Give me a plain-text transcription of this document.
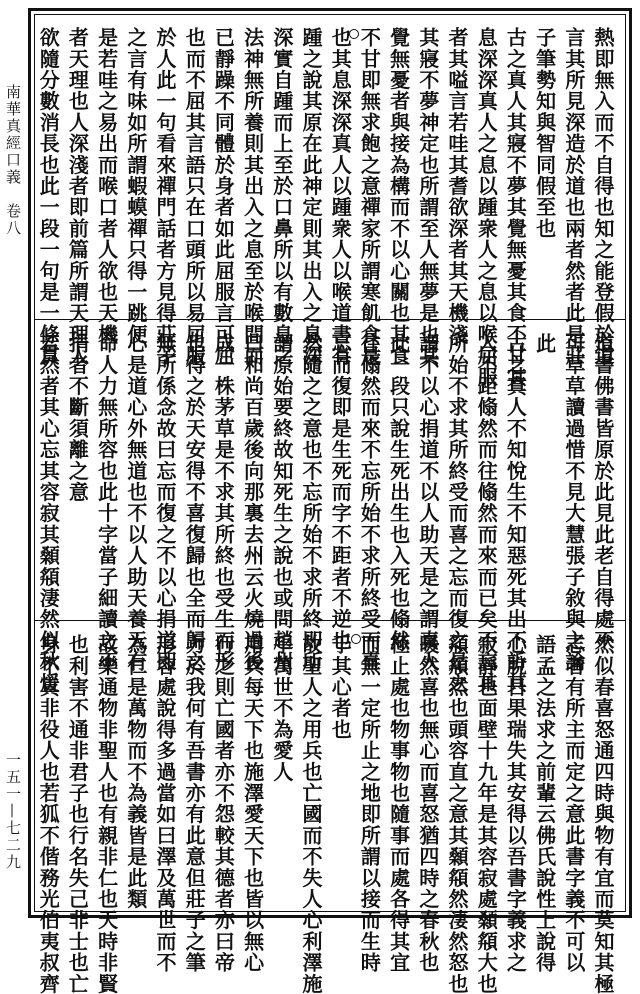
南華真經口義　卷八
一五一—七二九
熱即無入而不自得也知之能登假於道
言其所見深造於道也兩者然者此是莊
子筆勢知與智同假至也
古之真人其寢不夢其覺無憂其食不甘其
息深深真人之息以踵衆人之息以喉屈服
者其嗌言若哇其耆欲深者其天機淺
其寢不夢神定也所謂至人無夢是也其
覺無憂者與接為構而不以心關也其食
不甘即無求飽之意禪家所謂寒飢食是
也其息深深真人以踵衆人以喉道書有
踵之說其原在此神定則其出入之息深
深實自踵而上至於口鼻所以有數息之
法神無所養則其出入之息至於喉間而
已靜躁不同體於身者如此屈服言可屈
也而不屈其言語只在口頭所以易屈服
於人此一句看來禪門話者方見得莊子
之言有味如所謂蝦蟆禪只得一跳便
是若哇之易出而喉口者人欲也天機
者天理也人深淺者即前篇所謂天理人
欲隨分數消長也此一段一句是一條貫
道書佛書皆原於此見此老自得處不
可草草讀過惜不見大慧張子敘與之論
此
古之真人不知悅生不知惡死其出不訢其
入不距翛然而往翛然而來而已矣不忘其
所始不求其所終受而喜之忘而復之是之
謂不以心捐道不以人助天是之謂真人
此一段只說生死出生也入死也翛然
往翛然而來不忘所始不求所終受而喜
忘而復即是生死而字不距者不逆也
然隨之之意也不忘所始不求所終即所
謂原始要終故知死生之說也或問趙州
曰和尚百歲後向那裏去州云火燒過後
成一株茅草是不求其所終也受生而形
也得之於天安得不喜復歸也全而歸之
無所係念故曰忘而復之不以心捐道即
心是道心外無道也不以人助天養天有
命人力無所容也此十字當子細讀之不
捐者不斷須離之意
若然者其心忘其容寂其顙頯淒然似秋煖
然似春喜怒通四時與物有宜而莫知其極
志者有所主而定之意此書字義不可以
語孟之法求之前輩云佛氏說性上說得
心脫日果瑞失其安得以吾書字義求之
寂靜也面壁十九年是其容寂處顙頯大也
頯頯然也頭容直之意其顙頯然淒然怒也
暖然喜也無心而喜怒猶四時之春秋也
極止處也物事物也隨事而處各得其宜
而無一定所止之地即所謂以接而生時
于其心者也
故聖人之用兵也亡國而不失人心利澤施
乎萬世不為愛人
用兵每天下也施澤愛天下也皆以無心
行之則亡國者亦不怨較其德者亦曰帝
力於我何有吾書亦有此意但莊子之筆
形容處說得多過當如曰澤及萬世而不
為仁是萬物而不為義皆是此類
故樂通物非聖人也有親非仁也天時非賢
也利害不通非君子也行名失己非士也亡
身不真非役人也若狐不偕務光伯夷叔齊
